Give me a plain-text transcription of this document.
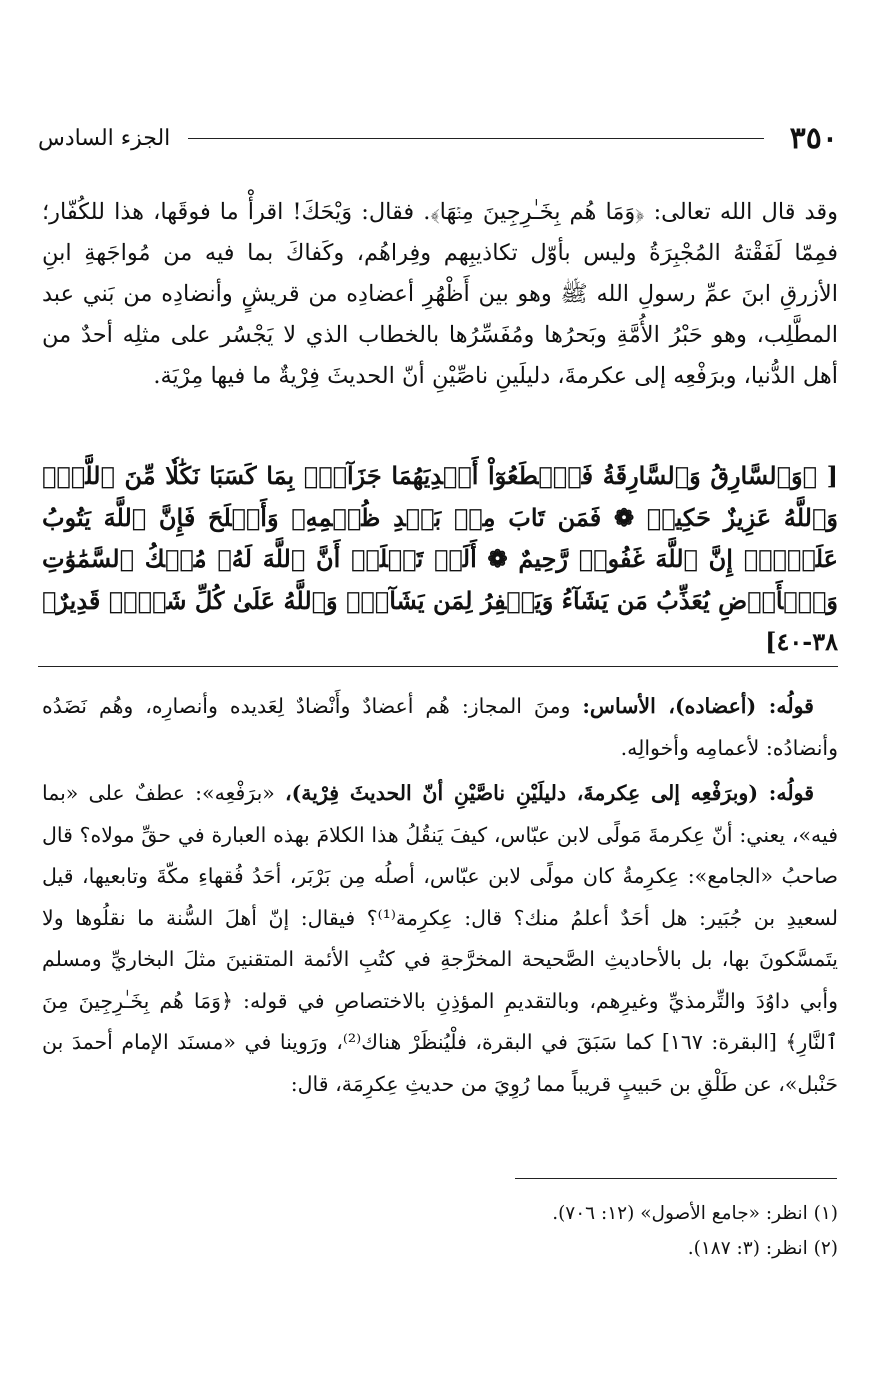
٣٥٠
الجزء السادس
وقد قال الله تعالى: ﴿وَمَا هُم بِخَـٰرِجِينَ مِنۡهَا﴾. فقال: وَيْحَكَ! اقرأْ ما فوقَها، هذا للكُفّار؛ فمِمّا لَفَقْتهُ المُجْبِرَةُ وليس بأوّل تكاذيبِهم وفِراهُم، وكَفاكَ بما فيه من مُواجَهةِ ابنِ الأزرقِ ابنَ عمِّ رسولِ الله ﷺ وهو بين أَظْهُرِ أعضادِه من قريشٍ وأنضادِه من بَني عبد المطَّلِب، وهو حَبْرُ الأُمَّةِ وبَحرُها ومُفَسِّرُها بالخطاب الذي لا يَجْسُر على مثلِه أحدٌ من أهل الدُّنيا، وبرَفْعِه إلى عكرمةَ، دليلَينِ ناصِّيْنِ أنّ الحديثَ فِرْيةٌ ما فيها مِرْيَة.
[ ﴿وَٱلسَّارِقُ وَٱلسَّارِقَةُ فَٱقۡطَعُوٓاْ أَيۡدِيَهُمَا جَزَآءَۢ بِمَا كَسَبَا نَكَٰلٗا مِّنَ ٱللَّهِۗ وَٱللَّهُ عَزِيزٌ حَكِيمٞ ❁ فَمَن تَابَ مِنۢ بَعۡدِ ظُلۡمِهِۦ وَأَصۡلَحَ فَإِنَّ ٱللَّهَ يَتُوبُ عَلَيۡهِۚ إِنَّ ٱللَّهَ غَفُورٞ رَّحِيمٌ ❁ أَلَمۡ تَعۡلَمۡ أَنَّ ٱللَّهَ لَهُۥ مُلۡكُ ٱلسَّمَٰوَٰتِ وَٱلۡأَرۡضِ يُعَذِّبُ مَن يَشَآءُ وَيَغۡفِرُ لِمَن يَشَآءُۗ وَٱللَّهُ عَلَىٰ كُلِّ شَيۡءٖ قَدِيرٌ﴾ ٣٨-٤٠]

قولُه: (أعضاده)، الأساس: ومنَ المجاز: هُم أعضادٌ وأَنْضادٌ لِعَديده وأنصارِه، وهُم نَضَدُه وأنضادُه: لأعمامِه وأخوالِه.

قولُه: (وبرَفْعِه إلى عِكرمةَ، دليلَيْنِ ناصَّيْنِ أنّ الحديثَ فِرْية)، «برَفْعِه»: عطفٌ على «بما فيه»، يعني: أنّ عِكرمةَ مَولًى لابن عبّاس، كيفَ يَنقُلُ هذا الكلامَ بهذه العبارة في حقِّ مولاه؟ قال صاحبُ «الجامع»: عِكرِمةُ كان مولًى لابن عبّاس، أصلُه مِن بَرْبَر، أحَدُ فُقهاءِ مكّةَ وتابعيها، قيل لسعيدِ بن جُبَير: هل أحَدٌ أعلمُ منك؟ قال: عِكرِمة⁽¹⁾؟ فيقال: إنّ أهلَ السُّنة ما نقلُوها ولا يتَمسَّكونَ بها، بل بالأحاديثِ الصَّحيحة المخرَّجةِ في كتُبِ الأئمة المتقنينَ مثلَ البخاريِّ ومسلم وأبي داوُدَ والتِّرمذيِّ وغيرِهم، وبالتقديمِ المؤذِنِ بالاختصاصِ في قوله: ﴿وَمَا هُم بِخَـٰرِجِينَ مِنَ ٱلنَّارِ﴾ [البقرة: ١٦٧] كما سَبَقَ في البقرة، فلْيُنظَرْ هناك⁽²⁾، ورَوينا في «مسنَد الإمام أحمدَ بن حَنْبل»، عن طَلْقِ بن حَبيبٍ قريباً مما رُوِيَ من حديثِ عِكرِمَة، قال:

(١) انظر: «جامع الأصول» (١٢: ٧٠٦).
(٢) انظر: (٣: ١٨٧).
